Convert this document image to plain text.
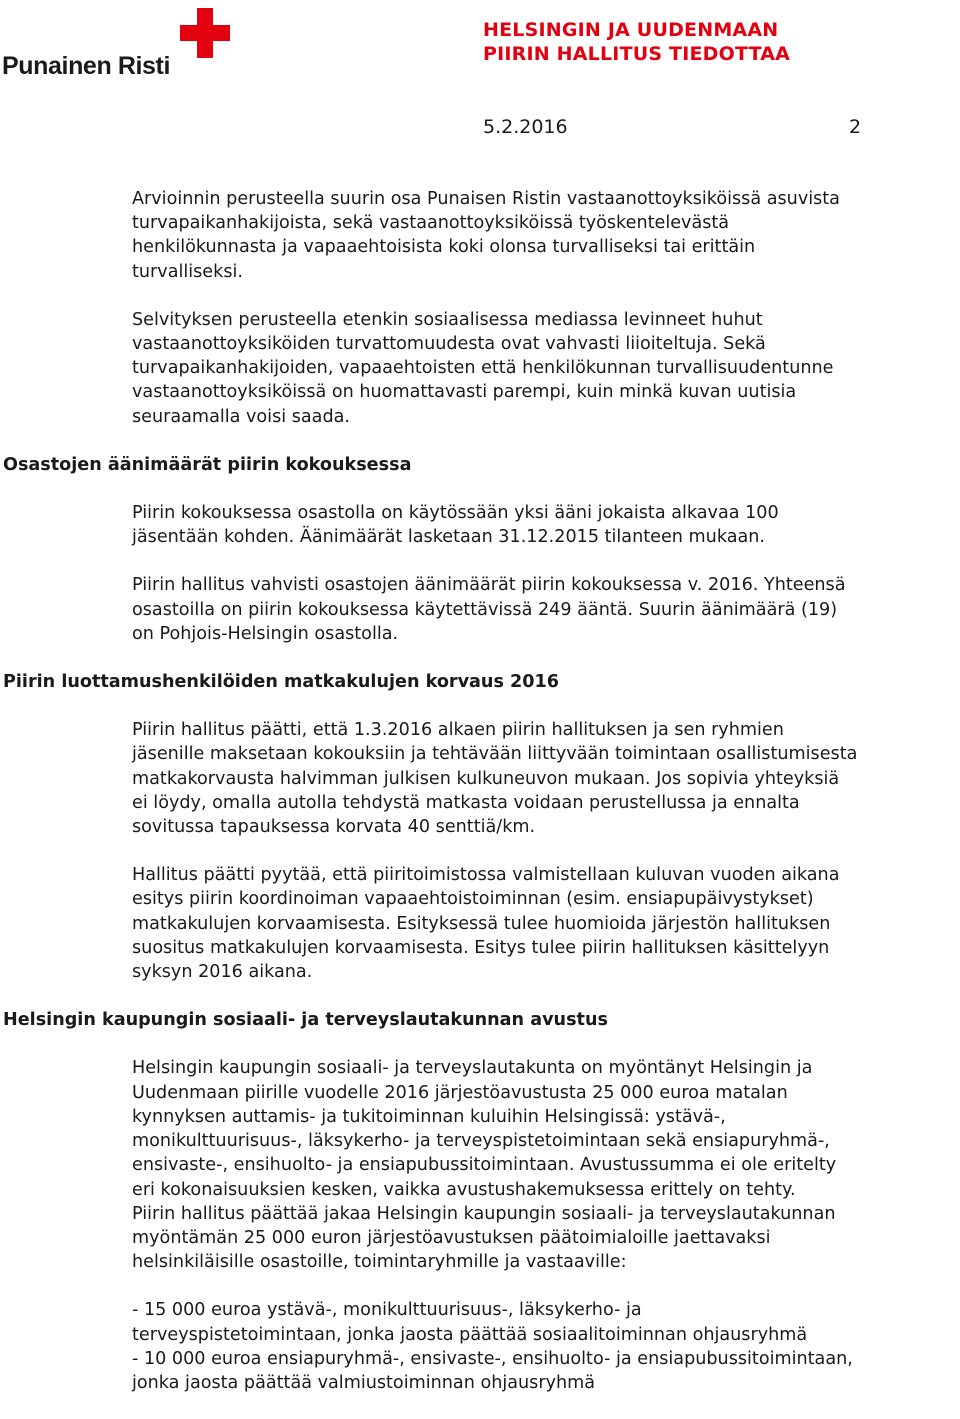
Punainen Risti
HELSINGIN JA UUDENMAAN
PIIRIN HALLITUS TIEDOTTAA
5.2.2016	2

Arvioinnin perusteella suurin osa Punaisen Ristin vastaanottoyksiköissä asuvista
turvapaikanhakijoista, sekä vastaanottoyksiköissä työskentelevästä
henkilökunnasta ja vapaaehtoisista koki olonsa turvalliseksi tai erittäin
turvalliseksi.

Selvityksen perusteella etenkin sosiaalisessa mediassa levinneet huhut
vastaanottoyksiköiden turvattomuudesta ovat vahvasti liioiteltuja. Sekä
turvapaikanhakijoiden, vapaaehtoisten että henkilökunnan turvallisuudentunne
vastaanottoyksiköissä on huomattavasti parempi, kuin minkä kuvan uutisia
seuraamalla voisi saada.

Osastojen äänimäärät piirin kokouksessa

Piirin kokouksessa osastolla on käytössään yksi ääni jokaista alkavaa 100
jäsentään kohden. Äänimäärät lasketaan 31.12.2015 tilanteen mukaan.

Piirin hallitus vahvisti osastojen äänimäärät piirin kokouksessa v. 2016. Yhteensä
osastoilla on piirin kokouksessa käytettävissä 249 ääntä. Suurin äänimäärä (19)
on Pohjois-Helsingin osastolla.

Piirin luottamushenkilöiden matkakulujen korvaus 2016

Piirin hallitus päätti, että 1.3.2016 alkaen piirin hallituksen ja sen ryhmien
jäsenille maksetaan kokouksiin ja tehtävään liittyvään toimintaan osallistumisesta
matkakorvausta halvimman julkisen kulkuneuvon mukaan. Jos sopivia yhteyksiä
ei löydy, omalla autolla tehdystä matkasta voidaan perustellussa ja ennalta
sovitussa tapauksessa korvata 40 senttiä/km.

Hallitus päätti pyytää, että piiritoimistossa valmistellaan kuluvan vuoden aikana
esitys piirin koordinoiman vapaaehtoistoiminnan (esim. ensiapupäivystykset)
matkakulujen korvaamisesta. Esityksessä tulee huomioida järjestön hallituksen
suositus matkakulujen korvaamisesta. Esitys tulee piirin hallituksen käsittelyyn
syksyn 2016 aikana.

Helsingin kaupungin sosiaali- ja terveyslautakunnan avustus

Helsingin kaupungin sosiaali- ja terveyslautakunta on myöntänyt Helsingin ja
Uudenmaan piirille vuodelle 2016 järjestöavustusta 25 000 euroa matalan
kynnyksen auttamis- ja tukitoiminnan kuluihin Helsingissä: ystävä-,
monikulttuurisuus-, läksykerho- ja terveyspistetoimintaan sekä ensiapuryhmä-,
ensivaste-, ensihuolto- ja ensiapubussitoimintaan. Avustussumma ei ole eritelty
eri kokonaisuuksien kesken, vaikka avustushakemuksessa erittely on tehty.
Piirin hallitus päättää jakaa Helsingin kaupungin sosiaali- ja terveyslautakunnan
myöntämän 25 000 euron järjestöavustuksen päätoimialoille jaettavaksi
helsinkiläisille osastoille, toimintaryhmille ja vastaaville:

- 15 000 euroa ystävä-, monikulttuurisuus-, läksykerho- ja
terveyspistetoimintaan, jonka jaosta päättää sosiaalitoiminnan ohjausryhmä
- 10 000 euroa ensiapuryhmä-, ensivaste-, ensihuolto- ja ensiapubussitoimintaan,
jonka jaosta päättää valmiustoiminnan ohjausryhmä
